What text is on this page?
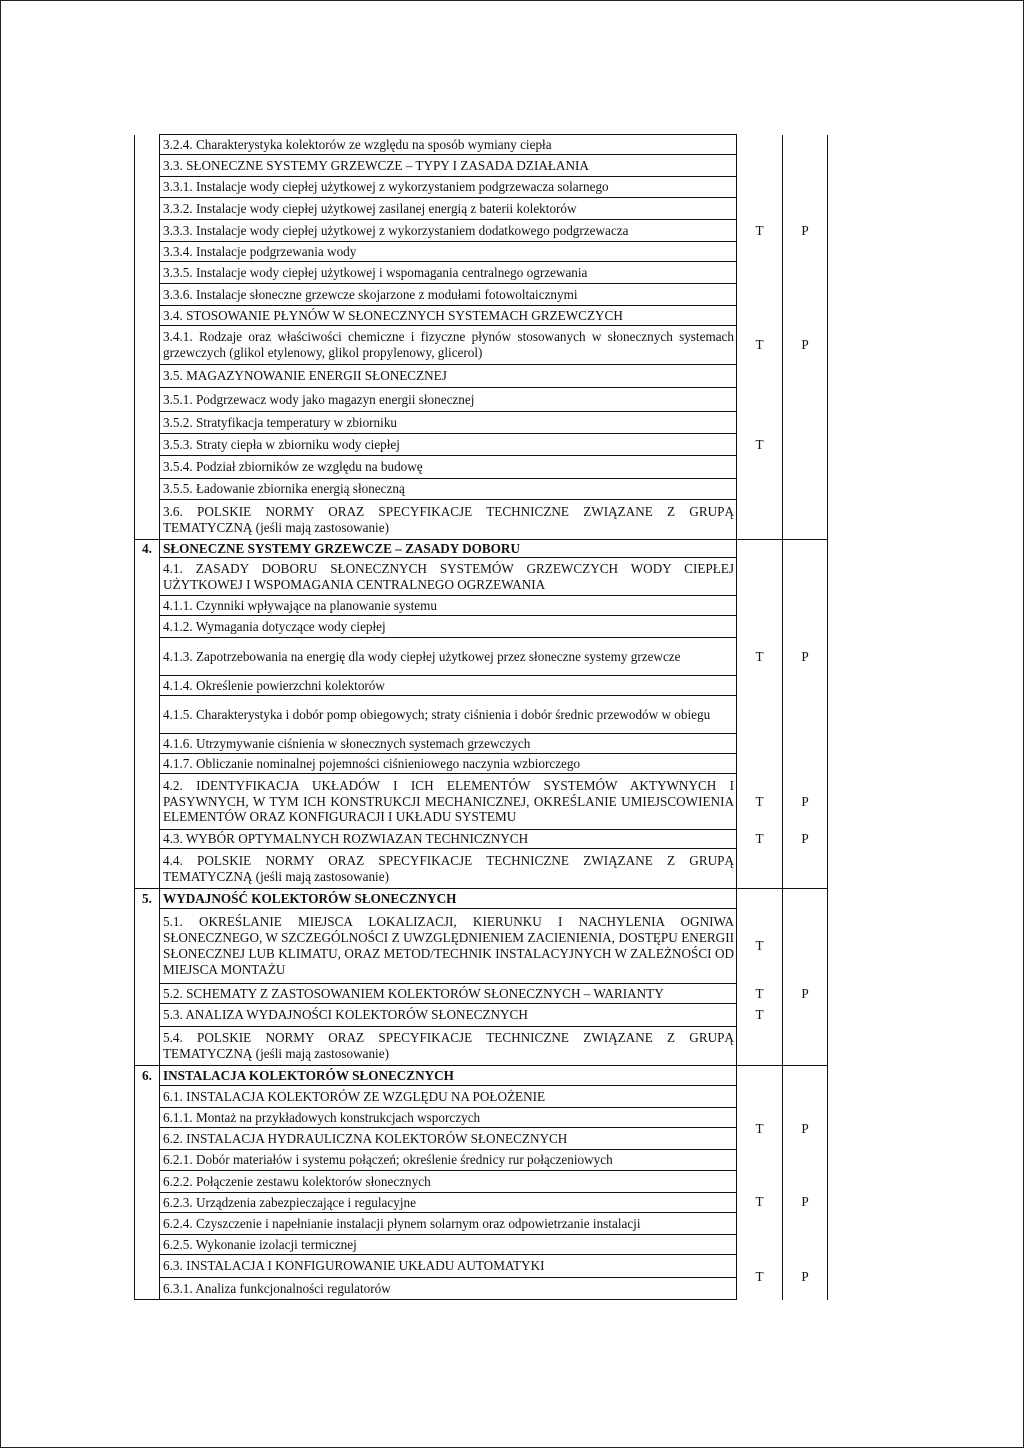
	3.2.4. Charakterystyka kolektorów ze względu na sposób wymiany ciepła		
	3.3. SŁONECZNE SYSTEMY GRZEWCZE – TYPY I ZASADA DZIAŁANIA		
	3.3.1. Instalacje wody ciepłej użytkowej z wykorzystaniem podgrzewacza solarnego		
	3.3.2. Instalacje wody ciepłej użytkowej zasilanej energią z baterii kolektorów		
	3.3.3. Instalacje wody ciepłej użytkowej z wykorzystaniem dodatkowego podgrzewacza	T	P
	3.3.4. Instalacje podgrzewania wody		
	3.3.5. Instalacje wody ciepłej użytkowej i wspomagania centralnego ogrzewania		
	3.3.6. Instalacje słoneczne grzewcze skojarzone z modułami fotowoltaicznymi		
	3.4. STOSOWANIE PŁYNÓW W SŁONECZNYCH SYSTEMACH GRZEWCZYCH		
	3.4.1. Rodzaje oraz właściwości chemiczne i fizyczne płynów stosowanych w słonecznych systemach grzewczych (glikol etylenowy, glikol propylenowy, glicerol)	T	P
	3.5. MAGAZYNOWANIE ENERGII SŁONECZNEJ		
	3.5.1. Podgrzewacz wody jako magazyn energii słonecznej		
	3.5.2. Stratyfikacja temperatury w zbiorniku		
	3.5.3. Straty ciepła w zbiorniku wody ciepłej	T	
	3.5.4. Podział zbiorników ze względu na budowę		
	3.5.5. Ładowanie zbiornika energią słoneczną		
	3.6. POLSKIE NORMY ORAZ SPECYFIKACJE TECHNICZNE ZWIĄZANE Z GRUPĄ TEMATYCZNĄ (jeśli mają zastosowanie)		
4.	SŁONECZNE SYSTEMY GRZEWCZE – ZASADY DOBORU		
	4.1. ZASADY DOBORU SŁONECZNYCH SYSTEMÓW GRZEWCZYCH WODY CIEPŁEJ UŻYTKOWEJ I WSPOMAGANIA CENTRALNEGO OGRZEWANIA		
	4.1.1. Czynniki wpływające na planowanie systemu		
	4.1.2. Wymagania dotyczące wody ciepłej		
	4.1.3. Zapotrzebowania na energię dla wody ciepłej użytkowej przez słoneczne systemy grzewcze	T	P
	4.1.4. Określenie powierzchni kolektorów		
	4.1.5. Charakterystyka i dobór pomp obiegowych; straty ciśnienia i dobór średnic przewodów w obiegu		
	4.1.6. Utrzymywanie ciśnienia w słonecznych systemach grzewczych		
	4.1.7. Obliczanie nominalnej pojemności ciśnieniowego naczynia wzbiorczego		
	4.2. IDENTYFIKACJA UKŁADÓW I ICH ELEMENTÓW SYSTEMÓW AKTYWNYCH I PASYWNYCH, W TYM ICH KONSTRUKCJI MECHANICZNEJ, OKREŚLANIE UMIEJSCOWIENIA ELEMENTÓW ORAZ KONFIGURACJI I UKŁADU SYSTEMU	T	P
	4.3. WYBÓR OPTYMALNYCH ROZWIAZAN TECHNICZNYCH	T	P
	4.4. POLSKIE NORMY ORAZ SPECYFIKACJE TECHNICZNE ZWIĄZANE Z GRUPĄ TEMATYCZNĄ (jeśli mają zastosowanie)		
5.	WYDAJNOŚĆ KOLEKTORÓW SŁONECZNYCH		
	5.1. OKREŚLANIE MIEJSCA LOKALIZACJI, KIERUNKU I NACHYLENIA OGNIWA SŁONECZNEGO, W SZCZEGÓLNOŚCI Z UWZGLĘDNIENIEM ZACIENIENIA, DOSTĘPU ENERGII SŁONECZNEJ LUB KLIMATU, ORAZ METOD/TECHNIK INSTALACYJNYCH W ZALEŻNOŚCI OD MIEJSCA MONTAŻU	T	
	5.2. SCHEMATY Z ZASTOSOWANIEM KOLEKTORÓW SŁONECZNYCH – WARIANTY	T	P
	5.3. ANALIZA WYDAJNOŚCI KOLEKTORÓW SŁONECZNYCH	T	
	5.4. POLSKIE NORMY ORAZ SPECYFIKACJE TECHNICZNE ZWIĄZANE Z GRUPĄ TEMATYCZNĄ (jeśli mają zastosowanie)		
6.	INSTALACJA KOLEKTORÓW SŁONECZNYCH		
	6.1. INSTALACJA KOLEKTORÓW ZE WZGLĘDU NA POŁOŻENIE		
	6.1.1. Montaż na przykładowych konstrukcjach wsporczych	T	P
	6.2. INSTALACJA HYDRAULICZNA KOLEKTORÓW SŁONECZNYCH		
	6.2.1. Dobór materiałów i systemu połączeń; określenie średnicy rur połączeniowych	T	P
	6.2.2. Połączenie zestawu kolektorów słonecznych		
	6.2.3. Urządzenia zabezpieczające i regulacyjne		
	6.2.4. Czyszczenie i napełnianie instalacji płynem solarnym oraz odpowietrzanie instalacji		
	6.2.5. Wykonanie izolacji termicznej		
	6.3. INSTALACJA I KONFIGUROWANIE UKŁADU AUTOMATYKI	T	P
	6.3.1. Analiza funkcjonalności regulatorów		
